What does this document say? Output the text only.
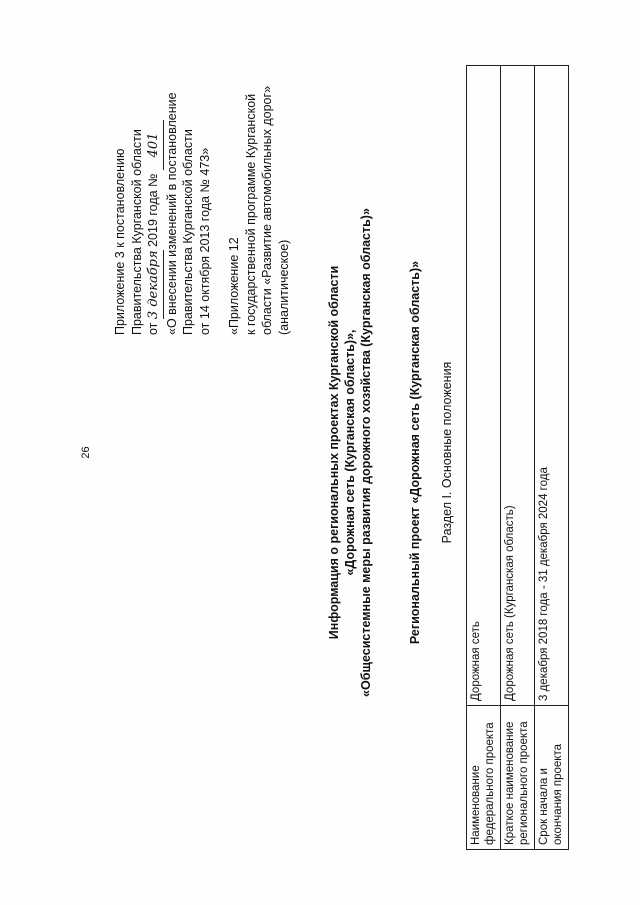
26
Приложение 3 к постановлению Правительства Курганской области от 3 декабря 2019 года № 401 «О внесении изменений в постановление Правительства Курганской области от 14 октября 2013 года № 473» «Приложение 12 к государственной программе Курганской области «Развитие автомобильных дорог» (аналитическое)	Информация о региональных проектах Курганской области «Дорожная сеть (Курганская область)», «Общесистемные меры развития дорожного хозяйства (Курганская область)»	Региональный проект «Дорожная сеть (Курганская область)» Раздел I. Основные положения
Наименование федерального проекта	Дорожная сеть
Краткое наименование регионального проекта	Дорожная сеть (Курганская область)
Срок начала и окончания проекта	3 декабря 2018 года - 31 декабря 2024 года
